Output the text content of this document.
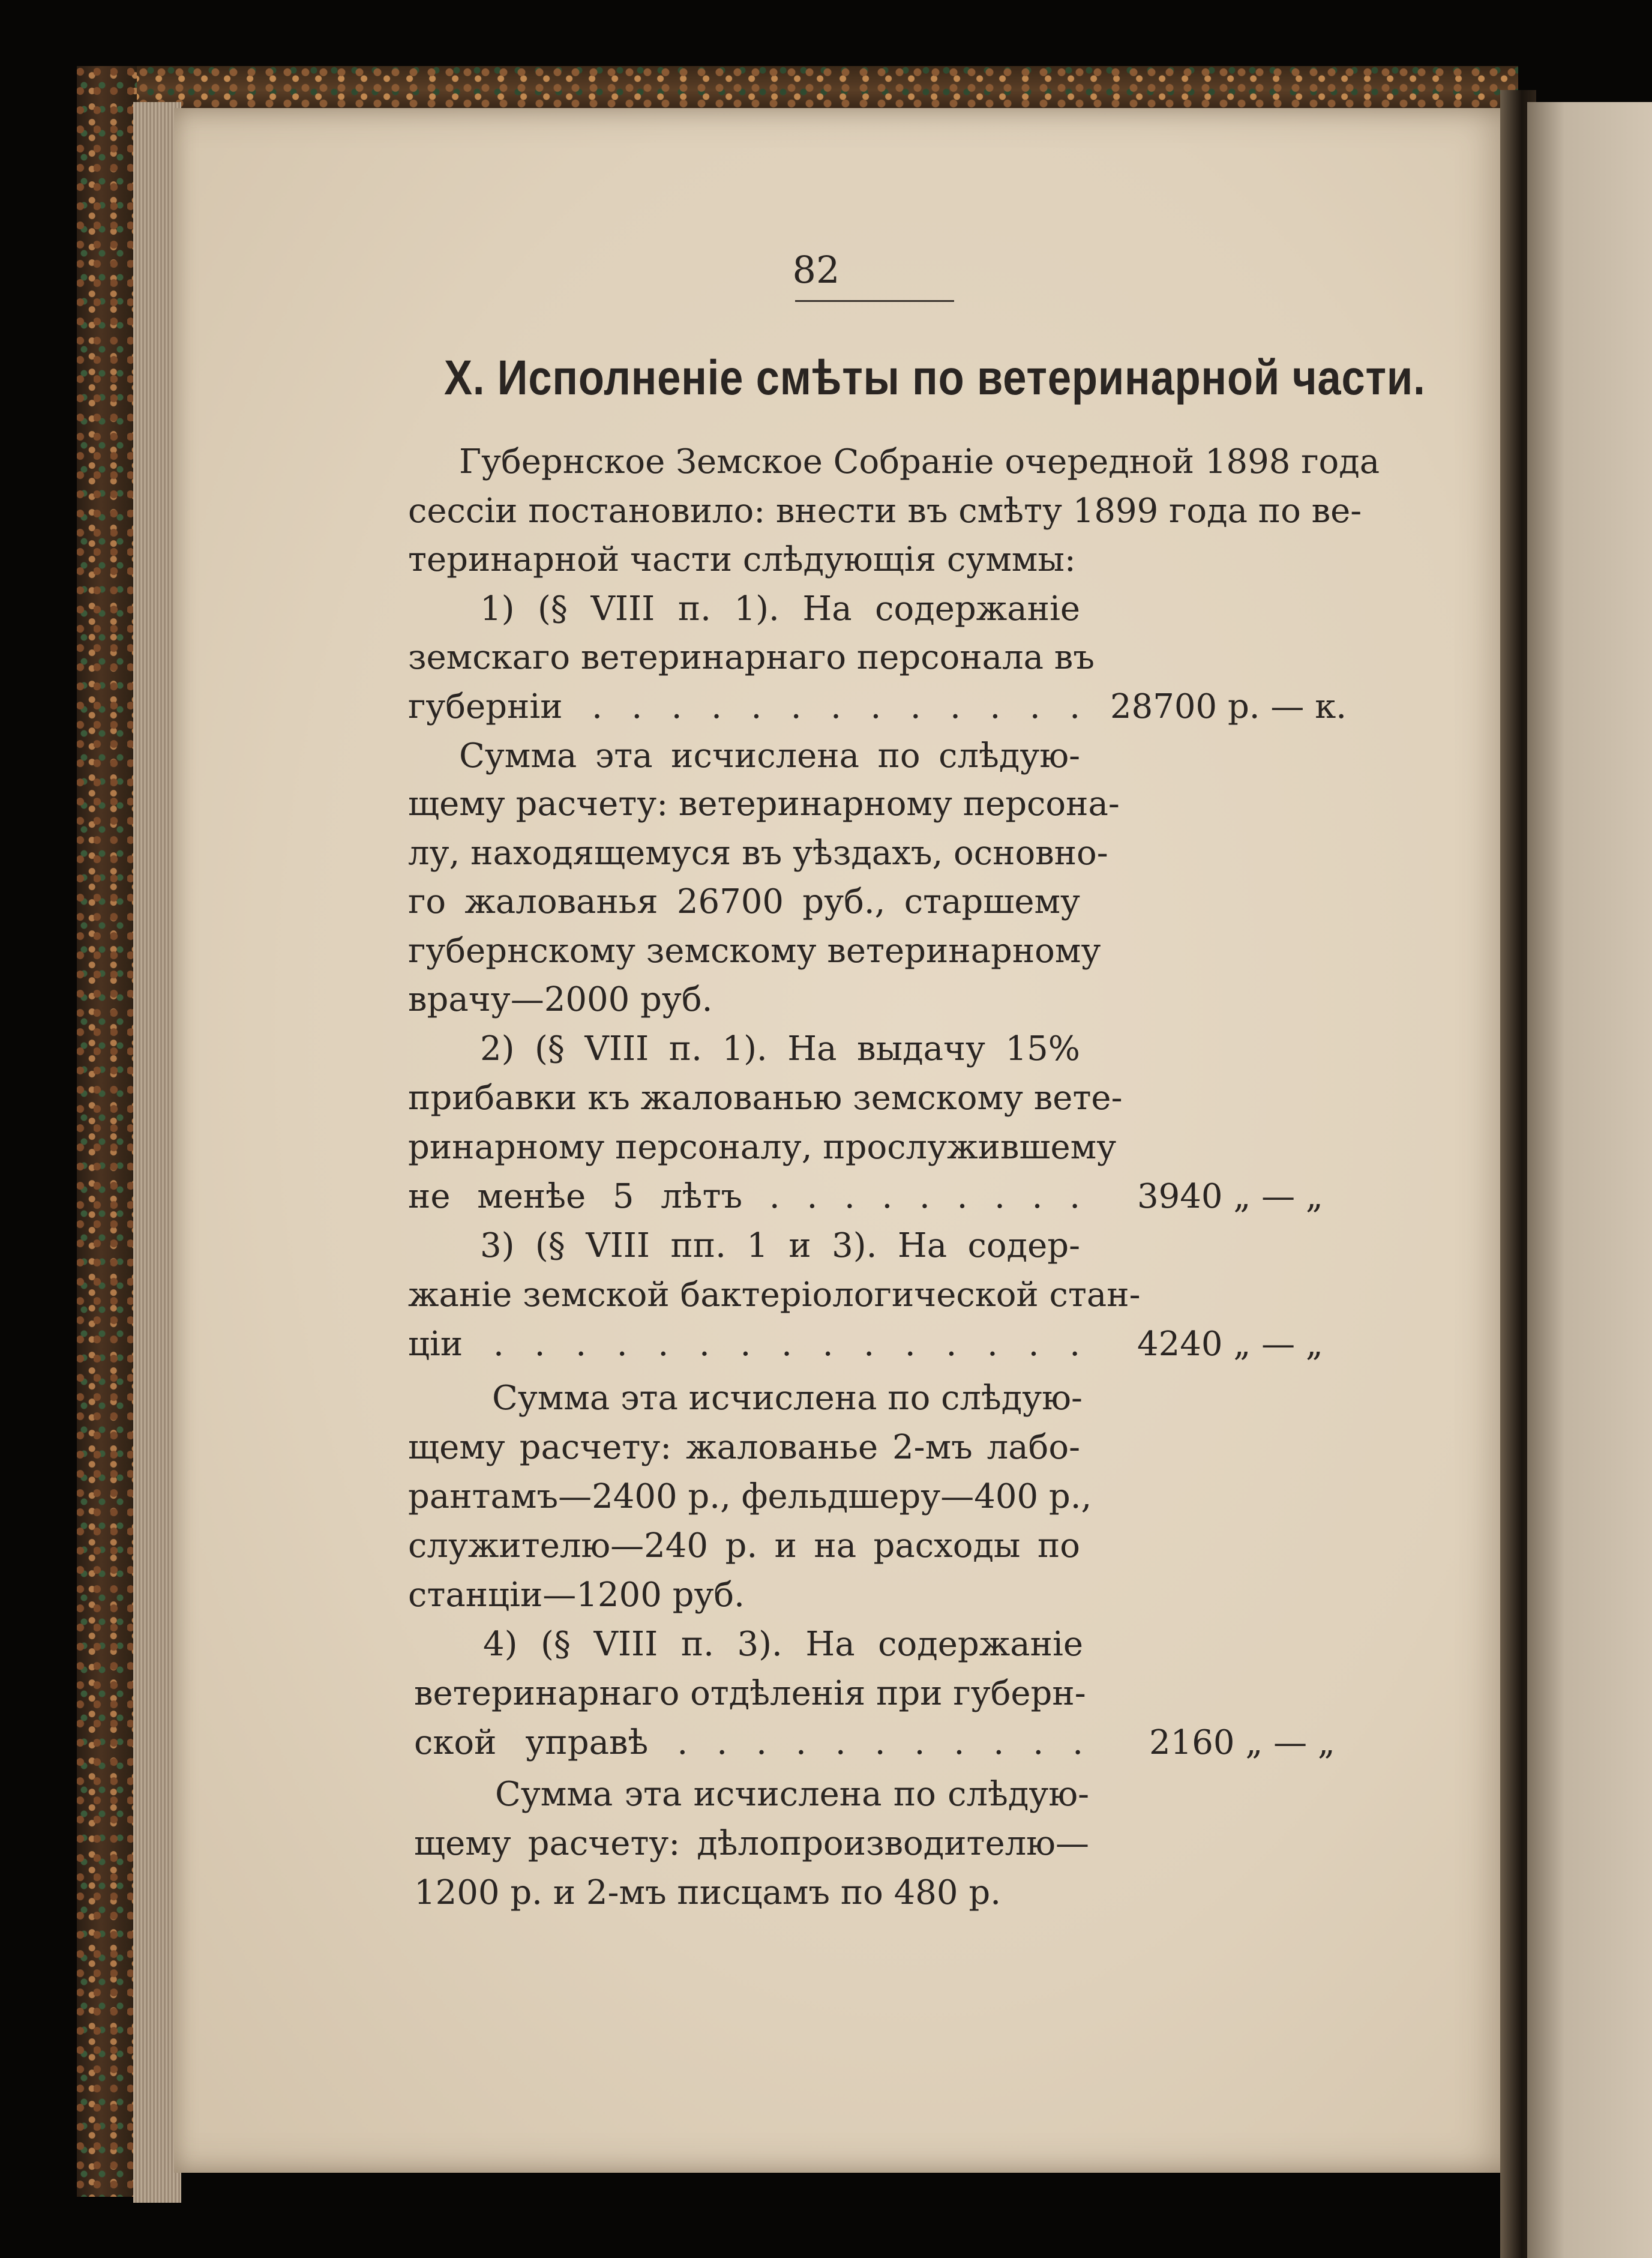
82
X. Исполненіе смѣты по ветеринарной части.
Губернское Земское Собраніе очередной 1898 года
сессіи постановило: внести въ смѣту 1899 года по ве-
теринарной части слѣдующія суммы:
1) (§ VIII п. 1). На содержаніе
земскаго ветеринарнаго персонала въ
губерніи . . . . . . . . . . . . . 28700 р. — к.
Сумма эта исчислена по слѣдую-
щему расчету: ветеринарному персона-
лу, находящемуся въ уѣздахъ, основно-
го жалованья 26700 руб., старшему
губернскому земскому ветеринарному
врачу—2000 руб.
2) (§ VIII п. 1). На выдачу 15%
прибавки къ жалованью земскому вете-
ринарному персоналу, прослужившему
не менѣе 5 лѣтъ . . . . . . . . . 3940 „ — „
3) (§ VIII пп. 1 и 3). На содер-
жаніе земской бактеріологической стан-
ціи . . . . . . . . . . . . . . . 4240 „ — „
Сумма эта исчислена по слѣдую-
щему расчету: жалованье 2-мъ лабо-
рантамъ—2400 р., фельдшеру—400 р.,
служителю—240 р. и на расходы по
станціи—1200 руб.
4) (§ VIII п. 3). На содержаніе
ветеринарнаго отдѣленія при губерн-
ской управѣ . . . . . . . . . . . 2160 „ — „
Сумма эта исчислена по слѣдую-
щему расчету: дѣлопроизводителю—
1200 р. и 2-мъ писцамъ по 480 р.
